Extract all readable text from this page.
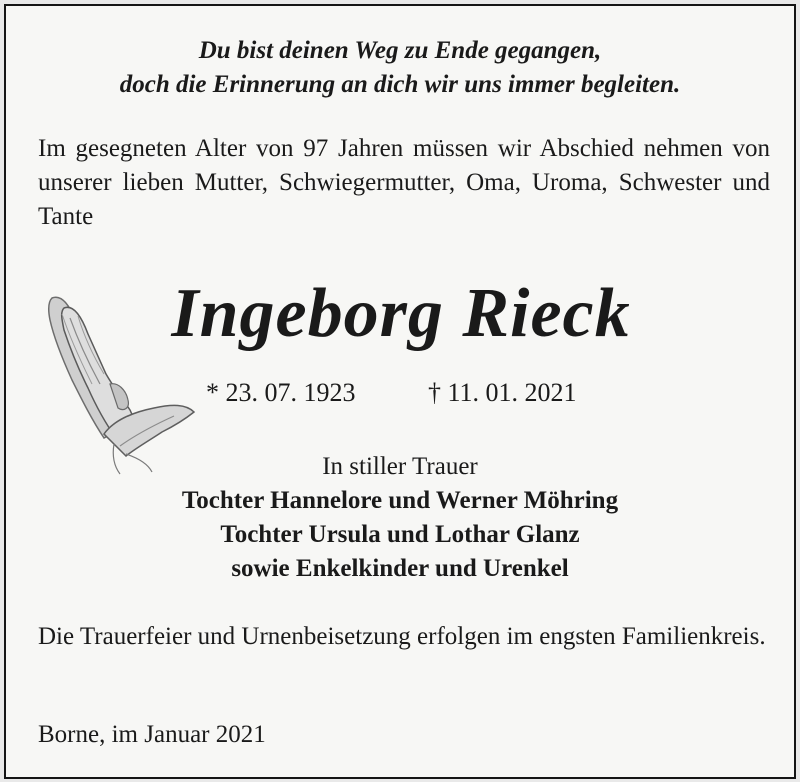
Du bist deinen Weg zu Ende gegangen,
doch die Erinnerung an dich wir uns immer begleiten.
Im gesegneten Alter von 97 Jahren müssen wir Abschied nehmen von unserer lieben Mutter, Schwiegermutter, Oma, Uroma, Schwester und Tante
Ingeborg Rieck
* 23. 07. 1923	† 11. 01. 2021
In stiller Trauer
Tochter Hannelore und Werner Möhring
Tochter Ursula und Lothar Glanz
sowie Enkelkinder und Urenkel
Die Trauerfeier und Urnenbeisetzung erfolgen im engsten Familienkreis.
Borne, im Januar 2021
